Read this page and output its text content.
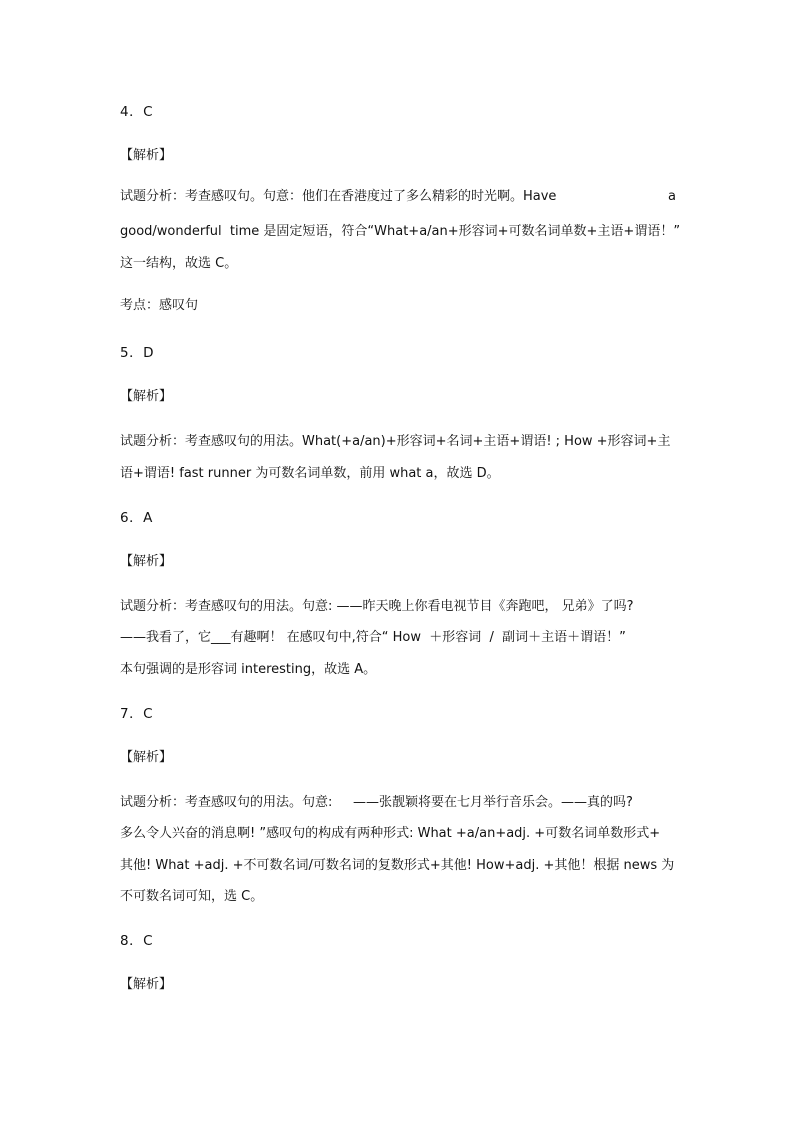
4．C

【解析】

试题分析：考查感叹句。句意：他们在香港度过了多么精彩的时光啊。Have	a

good/wonderful  time 是固定短语，符合“What+a/an+形容词+可数名词单数+主语+谓语！”

这一结构，故选 C。

考点：感叹句

5．D

【解析】

试题分析：考查感叹句的用法。What(+a/an)+形容词+名词+主语+谓语! ; How +形容词+主

语+谓语! fast runner 为可数名词单数，前用 what a，故选 D。

6．A

【解析】

试题分析：考查感叹句的用法。句意: ——昨天晚上你看电视节目《奔跑吧， 兄弟》了吗?

——我看了，它___有趣啊！ 在感叹句中,符合“ How  ＋形容词  /  副词＋主语＋谓语！”

本句强调的是形容词 interesting，故选 A。

7．C

【解析】

试题分析：考查感叹句的用法。句意:     ——张靓颖将要在七月举行音乐会。——真的吗?

多么令人兴奋的消息啊! ”感叹句的构成有两种形式: What +a/an+adj. +可数名词单数形式+

其他! What +adj. +不可数名词/可数名词的复数形式+其他! How+adj. +其他！根据 news 为

不可数名词可知，选 C。

8．C

【解析】
